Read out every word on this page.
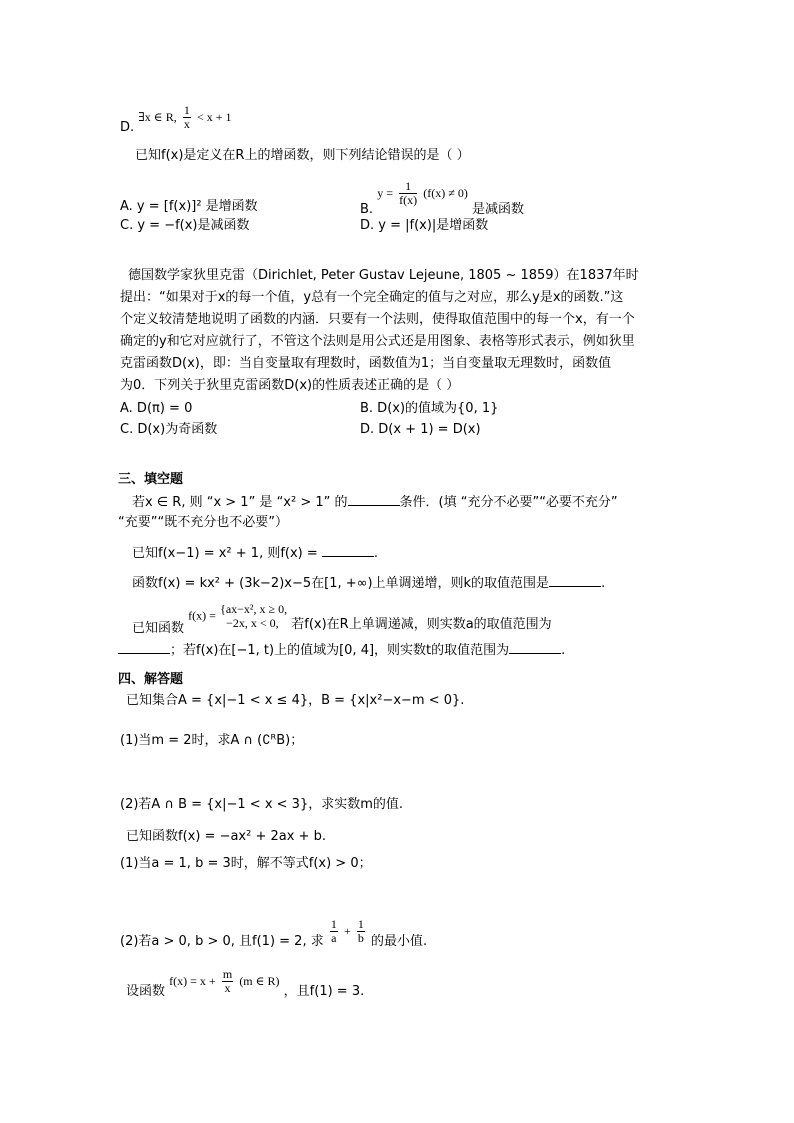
D. ∃x ∈ R, $\frac{1}{x} < x + 1$
已知f(x)是定义在R上的增函数，则下列结论错误的是（ ）
A. y = [f(x)]² 是增函数	B. $y = \frac{1}{f(x)} (f(x) \ne 0)$ 是减函数
C. y = −f(x)是减函数	D. y = |f(x)|是增函数
德国数学家狄里克雷（Dirichlet, Peter Gustav Lejeune, 1805 ~ 1859）在1837年时
提出：“如果对于x的每一个值，y总有一个完全确定的值与之对应，那么y是x的函数.”这
个定义较清楚地说明了函数的内涵．只要有一个法则，使得取值范围中的每一个x，有一个
确定的y和它对应就行了，不管这个法则是用公式还是用图象、表格等形式表示，例如狄里
克雷函数D(x)，即：当自变量取有理数时，函数值为1；当自变量取无理数时，函数值
为0．下列关于狄里克雷函数D(x)的性质表述正确的是（ ）
A. D(π) = 0	B. D(x)的值域为{0, 1}
C. D(x)为奇函数	D. D(x + 1) = D(x)
三、填空题
若x ∈ R, 则 “x > 1” 是 “x² > 1” 的	条件．(填 “充分不必要”“必要不充分”
“充要”“既不充分也不必要”）
已知f(x−1) = x² + 1, 则f(x) =	.
函数f(x) = kx² + (3k−2)x−5在[1, +∞)上单调递增，则k的取值范围是	.
已知函数 f(x) = {ax−x², x ≥ 0,
−2x, x < 0, 若f(x)在R上单调递减，则实数a的取值范围为
；若f(x)在[−1, t)上的值域为[0, 4]，则实数t的取值范围为	.
四、解答题
已知集合A = {x|−1 < x ≤ 4}，B = {x|x²−x−m < 0}.
(1)当m = 2时，求A ∩ (∁ᴿB)；
(2)若A ∩ B = {x|−1 < x < 3}，求实数m的值.
已知函数f(x) = −ax² + 2ax + b.
(1)当a = 1, b = 3时，解不等式f(x) > 0；
(2)若a > 0, b > 0, 且f(1) = 2, 求 $\frac{1}{a} + \frac{1}{b}$ 的最小值.
设函数 $f(x) = x + \frac{m}{x} (m$ ∈ R) ，且f(1) = 3.
